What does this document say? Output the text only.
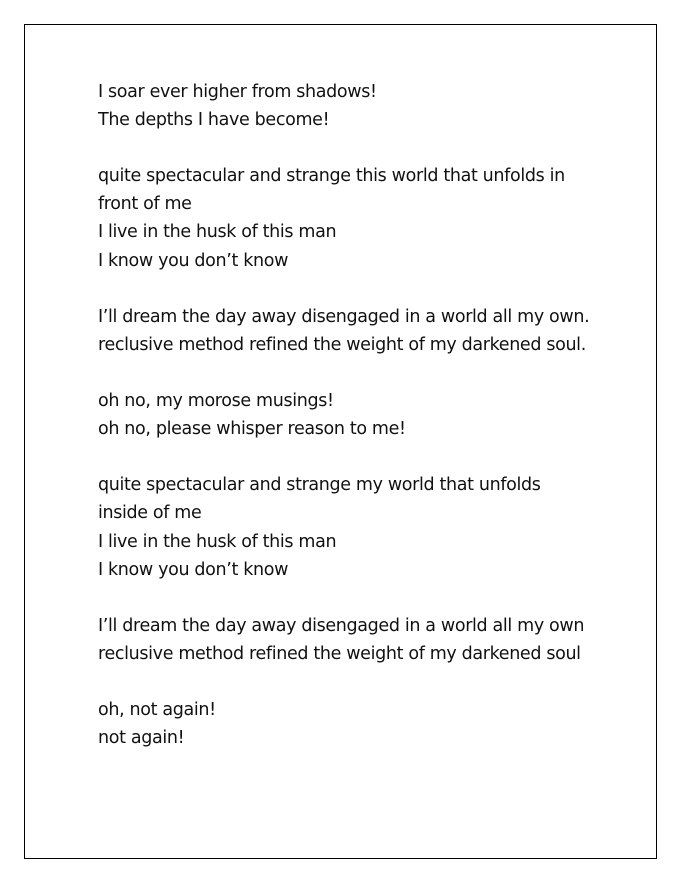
I soar ever higher from shadows!
The depths I have become!
quite spectacular and strange this world that unfolds in
front of me
I live in the husk of this man
I know you don’t know
I’ll dream the day away disengaged in a world all my own.
reclusive method refined the weight of my darkened soul.
oh no, my morose musings!
oh no, please whisper reason to me!
quite spectacular and strange my world that unfolds
inside of me
I live in the husk of this man
I know you don’t know
I’ll dream the day away disengaged in a world all my own
reclusive method refined the weight of my darkened soul
oh, not again!
not again!
